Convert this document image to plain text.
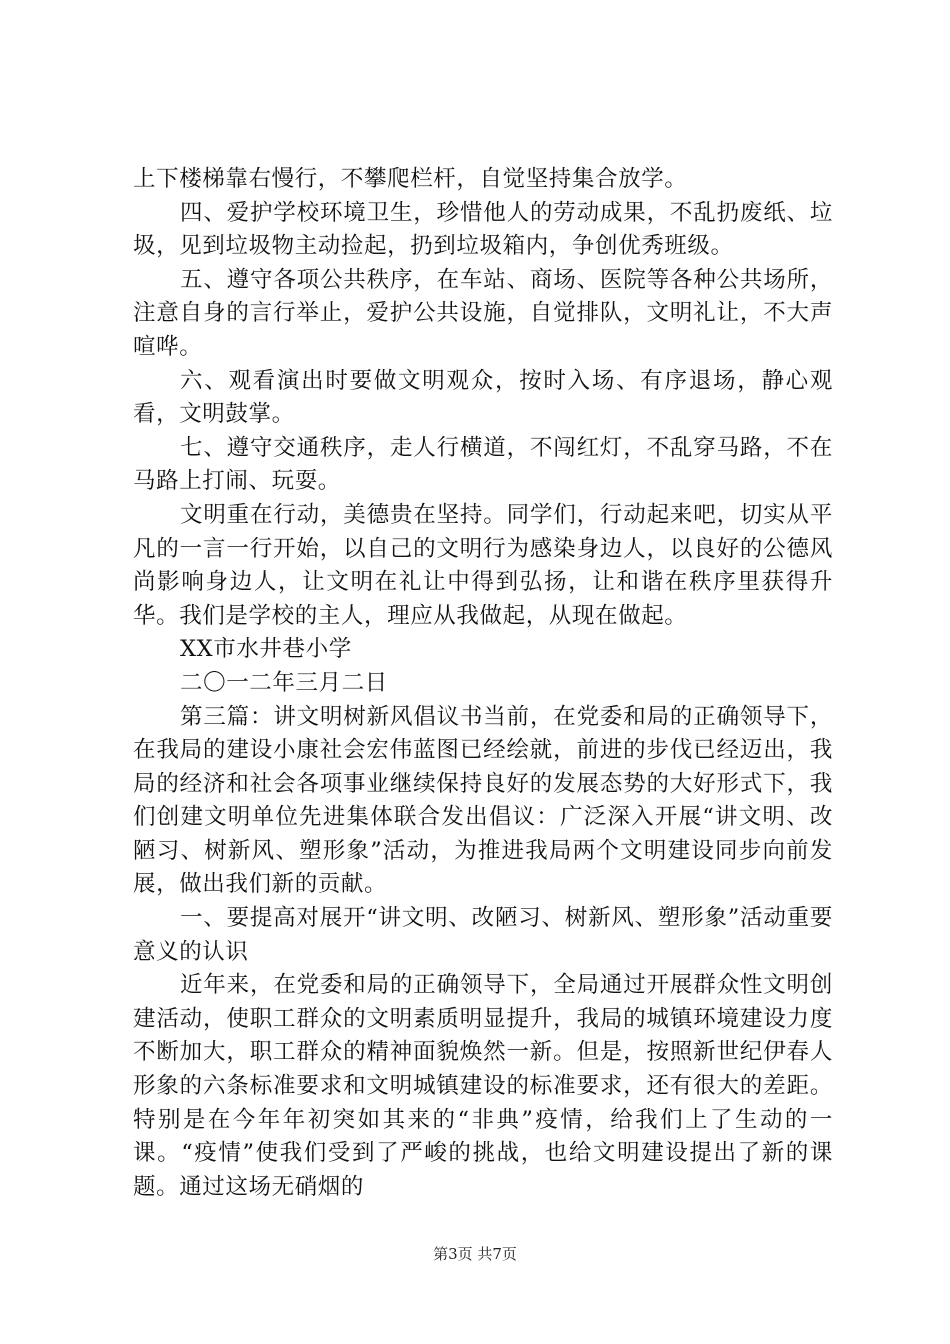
上下楼梯靠右慢行，不攀爬栏杆，自觉坚持集合放学。

四、爱护学校环境卫生，珍惜他人的劳动成果，不乱扔废纸、垃圾，见到垃圾物主动捡起，扔到垃圾箱内，争创优秀班级。

五、遵守各项公共秩序，在车站、商场、医院等各种公共场所，注意自身的言行举止，爱护公共设施，自觉排队，文明礼让，不大声喧哗。

六、观看演出时要做文明观众，按时入场、有序退场，静心观看，文明鼓掌。

七、遵守交通秩序，走人行横道，不闯红灯，不乱穿马路，不在马路上打闹、玩耍。

文明重在行动，美德贵在坚持。同学们，行动起来吧，切实从平凡的一言一行开始，以自己的文明行为感染身边人，以良好的公德风尚影响身边人，让文明在礼让中得到弘扬，让和谐在秩序里获得升华。我们是学校的主人，理应从我做起，从现在做起。

XX市水井巷小学

二〇一二年三月二日

第三篇：讲文明树新风倡议书当前，在党委和局的正确领导下，在我局的建设小康社会宏伟蓝图已经绘就，前进的步伐已经迈出，我局的经济和社会各项事业继续保持良好的发展态势的大好形式下，我们创建文明单位先进集体联合发出倡议：广泛深入开展“讲文明、改陋习、树新风、塑形象”活动，为推进我局两个文明建设同步向前发展，做出我们新的贡献。

一、要提高对展开“讲文明、改陋习、树新风、塑形象”活动重要意义的认识

近年来，在党委和局的正确领导下，全局通过开展群众性文明创建活动，使职工群众的文明素质明显提升，我局的城镇环境建设力度不断加大，职工群众的精神面貌焕然一新。但是，按照新世纪伊春人形象的六条标准要求和文明城镇建设的标准要求，还有很大的差距。特别是在今年年初突如其来的“非典”疫情，给我们上了生动的一课。“疫情”使我们受到了严峻的挑战，也给文明建设提出了新的课题。通过这场无硝烟的

第3页 共7页
